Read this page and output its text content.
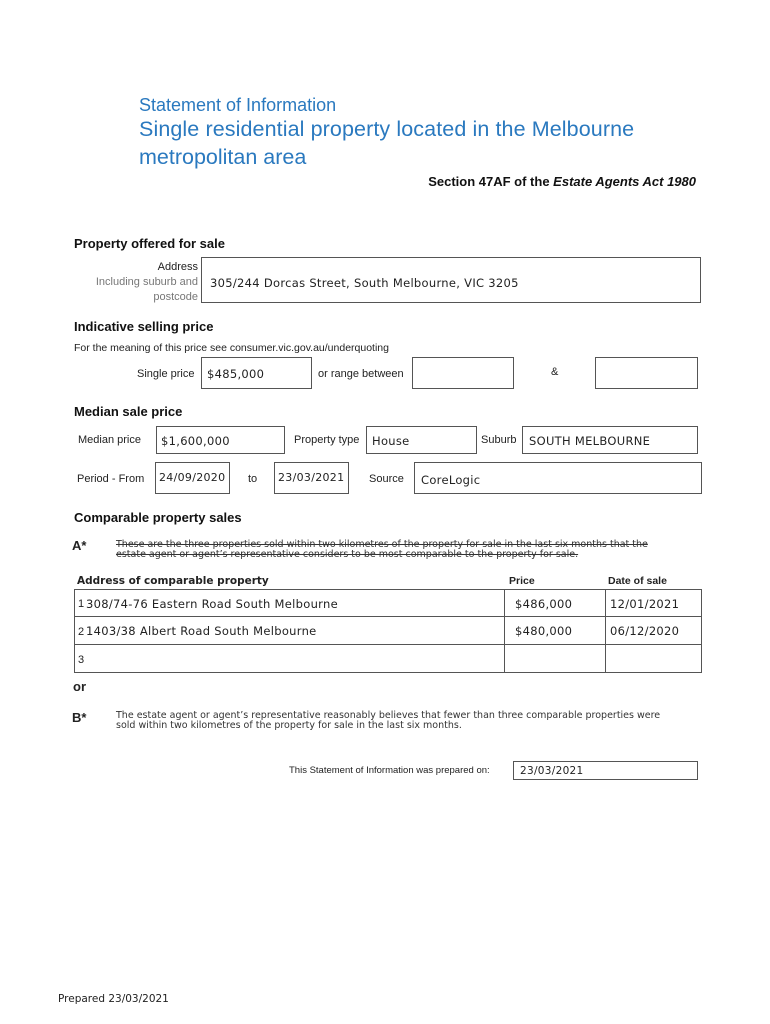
Statement of Information
Single residential property located in the Melbourne
metropolitan area
Section 47AF of the Estate Agents Act 1980
Property offered for sale
Address
Including suburb and
postcode
305/244 Dorcas Street, South Melbourne, VIC 3205
Indicative selling price
For the meaning of this price see consumer.vic.gov.au/underquoting
Single price $485,000	or range between	&
Median sale price
Median price $1,600,000	Property type House	Suburb SOUTH MELBOURNE
Period - From 24/09/2020 to 23/03/2021 Source CoreLogic
Comparable property sales
A*	These are the three properties sold within two kilometres of the property for sale in the last six months that the
estate agent or agent’s representative considers to be most comparable to the property for sale.
Address of comparable property	Price	Date of sale
1 308/74-76 Eastern Road South Melbourne	$486,000	12/01/2021
2 1403/38 Albert Road South Melbourne	$480,000	06/12/2020
3
or
B*	The estate agent or agent’s representative reasonably believes that fewer than three comparable properties were
sold within two kilometres of the property for sale in the last six months.
This Statement of Information was prepared on:	23/03/2021
Prepared 23/03/2021
